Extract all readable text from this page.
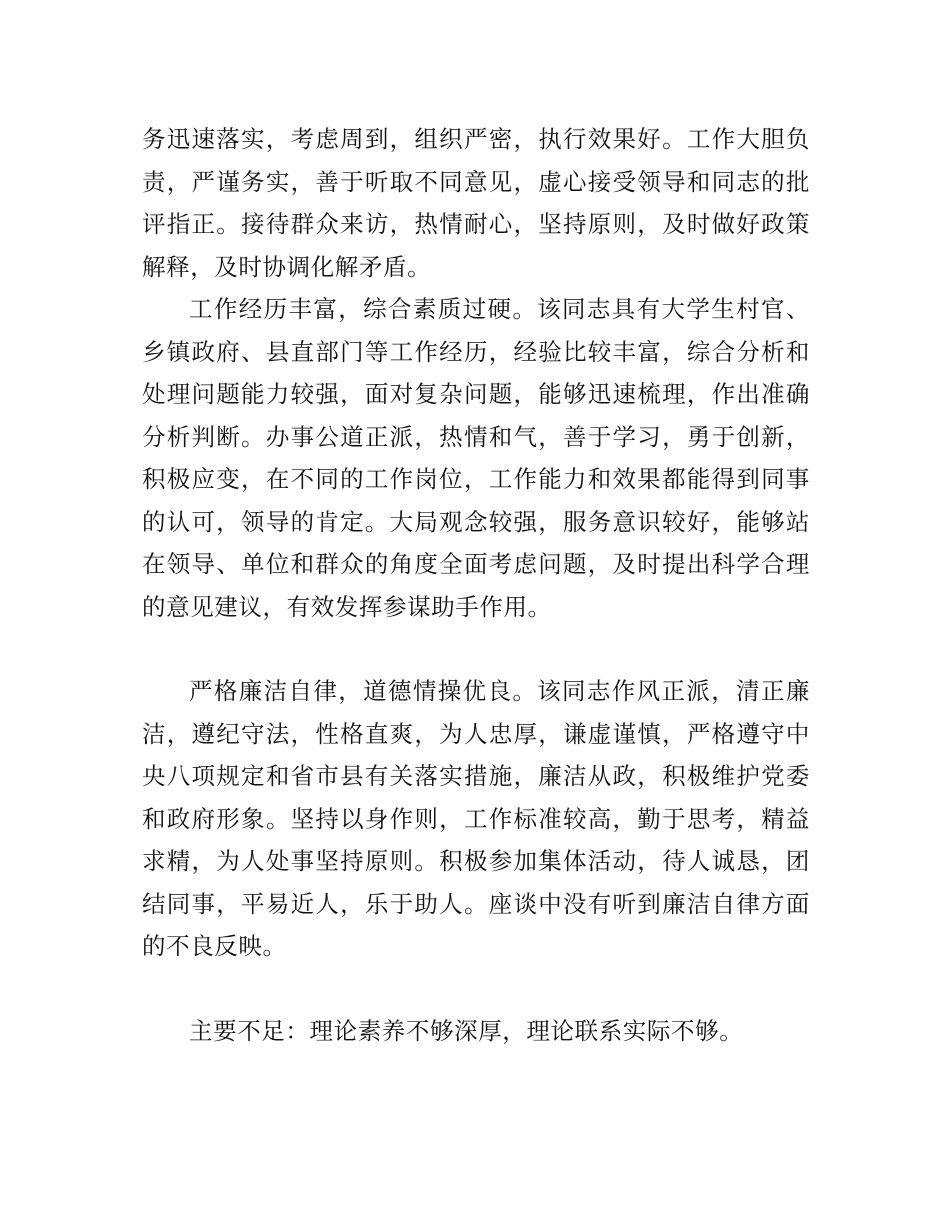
务迅速落实，考虑周到，组织严密，执行效果好。工作大胆负责，严谨务实，善于听取不同意见，虚心接受领导和同志的批评指正。接待群众来访，热情耐心，坚持原则，及时做好政策解释，及时协调化解矛盾。

工作经历丰富，综合素质过硬。该同志具有大学生村官、乡镇政府、县直部门等工作经历，经验比较丰富，综合分析和处理问题能力较强，面对复杂问题，能够迅速梳理，作出准确分析判断。办事公道正派，热情和气，善于学习，勇于创新，积极应变，在不同的工作岗位，工作能力和效果都能得到同事的认可，领导的肯定。大局观念较强，服务意识较好，能够站在领导、单位和群众的角度全面考虑问题，及时提出科学合理的意见建议，有效发挥参谋助手作用。

严格廉洁自律，道德情操优良。该同志作风正派，清正廉洁，遵纪守法，性格直爽，为人忠厚，谦虚谨慎，严格遵守中央八项规定和省市县有关落实措施，廉洁从政，积极维护党委和政府形象。坚持以身作则，工作标准较高，勤于思考，精益求精，为人处事坚持原则。积极参加集体活动，待人诚恳，团结同事，平易近人，乐于助人。座谈中没有听到廉洁自律方面的不良反映。

主要不足：理论素养不够深厚，理论联系实际不够。
